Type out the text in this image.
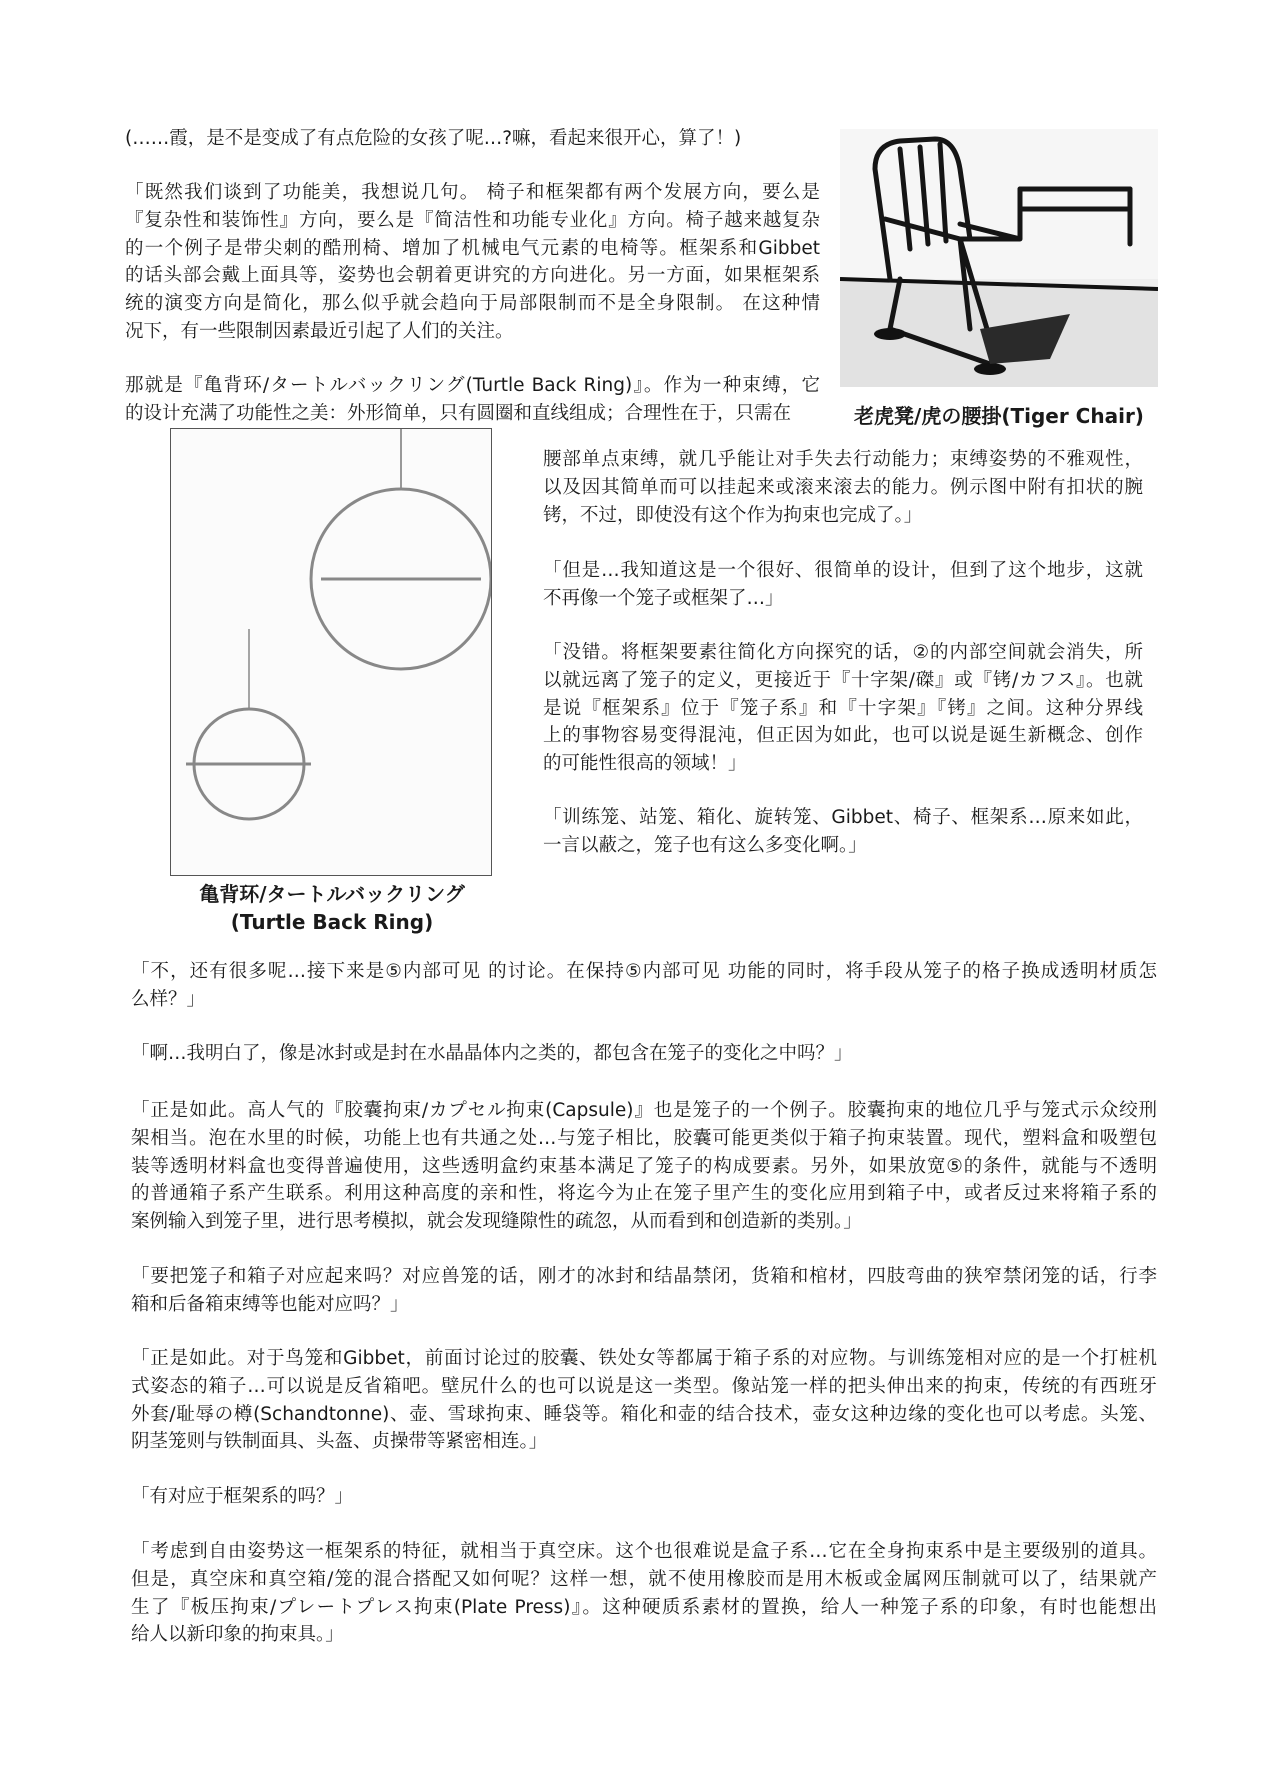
(……霞，是不是变成了有点危险的女孩了呢…?嘛，看起来很开心，算了！)
「既然我们谈到了功能美，我想说几句。 椅子和框架都有两个发展方向，要么是
『复杂性和装饰性』方向，要么是『简洁性和功能专业化』方向。椅子越来越复杂
的一个例子是带尖刺的酷刑椅、增加了机械电气元素的电椅等。框架系和Gibbet
的话头部会戴上面具等，姿势也会朝着更讲究的方向进化。另一方面，如果框架系
统的演变方向是简化，那么似乎就会趋向于局部限制而不是全身限制。 在这种情
况下，有一些限制因素最近引起了人们的关注。
那就是『亀背环/タートルバックリング(Turtle Back Ring)』。作为一种束缚，它
的设计充满了功能性之美：外形简单，只有圆圈和直线组成；合理性在于，只需在
腰部单点束缚，就几乎能让对手失去行动能力；束缚姿势的不雅观性，
以及因其简单而可以挂起来或滚来滚去的能力。例示图中附有扣状的腕
铐，不过，即使没有这个作为拘束也完成了。」
「但是…我知道这是一个很好、很简单的设计，但到了这个地步，这就
不再像一个笼子或框架了…」
「没错。将框架要素往简化方向探究的话，②的内部空间就会消失，所
以就远离了笼子的定义，更接近于『十字架/磔』或『铐/カフス』。也就
是说『框架系』位于『笼子系』和『十字架』『铐』之间。这种分界线
上的事物容易变得混沌，但正因为如此，也可以说是诞生新概念、创作
的可能性很高的领域！」
「训练笼、站笼、箱化、旋转笼、Gibbet、椅子、框架系…原来如此，
一言以蔽之，笼子也有这么多变化啊。」
「不，还有很多呢…接下来是⑤内部可见 的讨论。在保持⑤内部可见 功能的同时，将手段从笼子的格子换成透明材质怎
么样？」
「啊…我明白了，像是冰封或是封在水晶晶体内之类的，都包含在笼子的变化之中吗？」
「正是如此。高人气的『胶囊拘束/カプセル拘束(Capsule)』也是笼子的一个例子。胶囊拘束的地位几乎与笼式示众绞刑
架相当。泡在水里的时候，功能上也有共通之处…与笼子相比，胶囊可能更类似于箱子拘束装置。现代，塑料盒和吸塑包
装等透明材料盒也变得普遍使用，这些透明盒约束基本满足了笼子的构成要素。另外，如果放宽⑤的条件，就能与不透明
的普通箱子系产生联系。利用这种高度的亲和性，将迄今为止在笼子里产生的变化应用到箱子中，或者反过来将箱子系的
案例输入到笼子里，进行思考模拟，就会发现缝隙性的疏忽，从而看到和创造新的类别。」
「要把笼子和箱子对应起来吗？对应兽笼的话，刚才的冰封和结晶禁闭，货箱和棺材，四肢弯曲的狭窄禁闭笼的话，行李
箱和后备箱束缚等也能对应吗？」
「正是如此。对于鸟笼和Gibbet，前面讨论过的胶囊、铁处女等都属于箱子系的对应物。与训练笼相对应的是一个打桩机
式姿态的箱子…可以说是反省箱吧。壁尻什么的也可以说是这一类型。像站笼一样的把头伸出来的拘束，传统的有西班牙
外套/耻辱の樽(Schandtonne)、壶、雪球拘束、睡袋等。箱化和壶的结合技术，壶女这种边缘的变化也可以考虑。头笼、
阴茎笼则与铁制面具、头盔、贞操带等紧密相连。」
「有对应于框架系的吗？」
「考虑到自由姿势这一框架系的特征，就相当于真空床。这个也很难说是盒子系…它在全身拘束系中是主要级别的道具。
但是，真空床和真空箱/笼的混合搭配又如何呢？这样一想，就不使用橡胶而是用木板或金属网压制就可以了，结果就产
生了『板压拘束/プレートプレス拘束(Plate Press)』。这种硬质系素材的置换，给人一种笼子系的印象，有时也能想出
给人以新印象的拘束具。」
老虎凳/虎の腰掛(Tiger Chair)
亀背环/タートルバックリング
(Turtle Back Ring)
